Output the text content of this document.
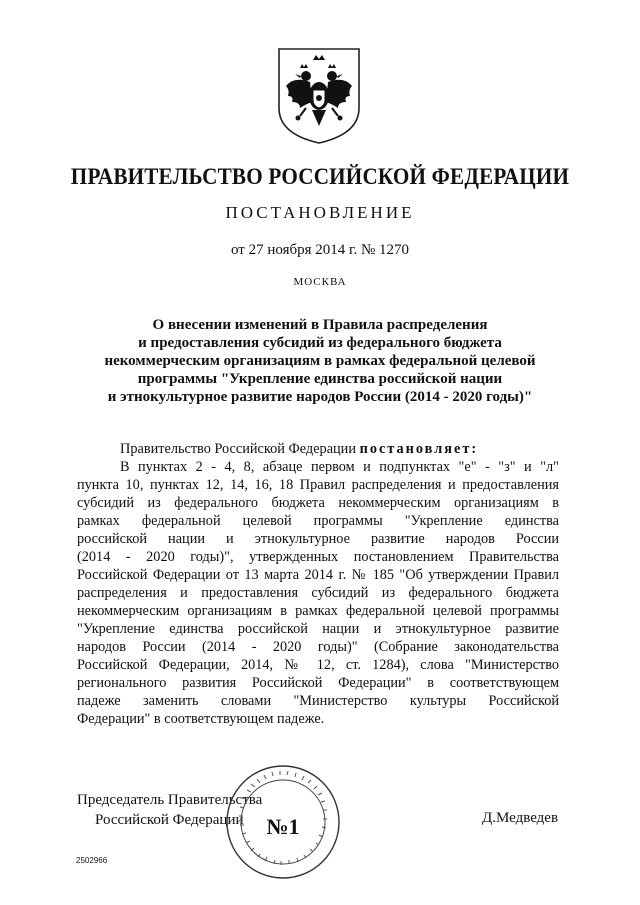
ПРАВИТЕЛЬСТВО РОССИЙСКОЙ ФЕДЕРАЦИИ
ПОСТАНОВЛЕНИЕ
от 27 ноября 2014 г. № 1270
МОСКВА
О внесении изменений в Правила распределения
и предоставления субсидий из федерального бюджета
некоммерческим организациям в рамках федеральной целевой
программы "Укрепление единства российской нации
и этнокультурное развитие народов России (2014 - 2020 годы)"
Правительство Российской Федерации постановляет:
В пунктах 2 - 4, 8, абзаце первом и подпунктах "е" - "з" и "л"
пункта 10, пунктах 12, 14, 16, 18 Правил распределения и предоставления
субсидий из федерального бюджета некоммерческим организациям в
рамках федеральной целевой программы "Укрепление единства
российской нации и этнокультурное развитие народов России
(2014 - 2020 годы)", утвержденных постановлением Правительства
Российской Федерации от 13 марта 2014 г. № 185 "Об утверждении Правил
распределения и предоставления субсидий из федерального бюджета
некоммерческим организациям в рамках федеральной целевой программы
"Укрепление единства российской нации и этнокультурное развитие
народов России (2014 - 2020 годы)" (Собрание законодательства
Российской Федерации, 2014, № 12, ст. 1284), слова "Министерство
регионального развития Российской Федерации" в соответствующем
падеже заменить словами "Министерство культуры Российской
Федерации" в соответствующем падеже.
Председатель Правительства
Российской Федерации	№1	Д.Медведев
2502966
